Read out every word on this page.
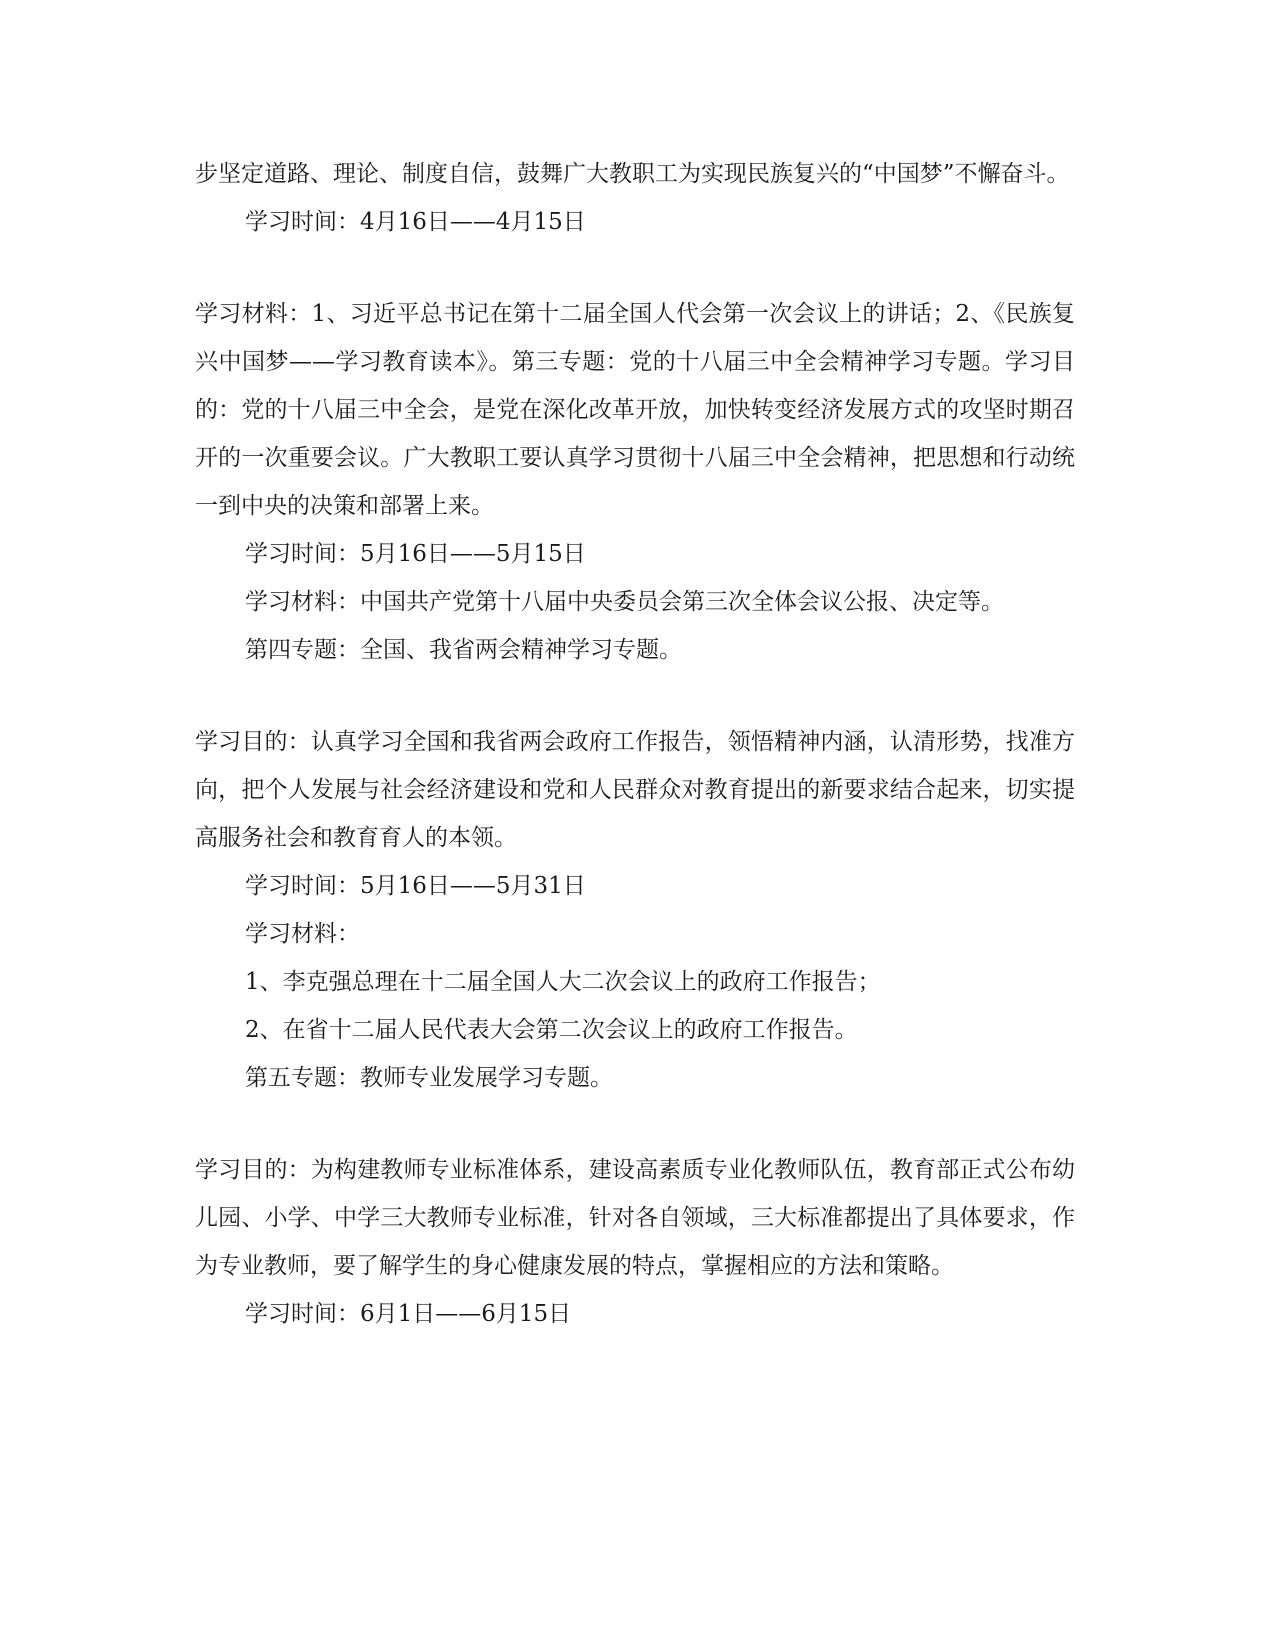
步坚定道路、理论、制度自信，鼓舞广大教职工为实现民族复兴的“中国梦”不懈奋斗。

学习时间：4月16日——4月15日

学习材料：1、习近平总书记在第十二届全国人代会第一次会议上的讲话；2、《民族复兴中国梦——学习教育读本》。第三专题：党的十八届三中全会精神学习专题。学习目的：党的十八届三中全会，是党在深化改革开放，加快转变经济发展方式的攻坚时期召开的一次重要会议。广大教职工要认真学习贯彻十八届三中全会精神，把思想和行动统一到中央的决策和部署上来。

学习时间：5月16日——5月15日

学习材料：中国共产党第十八届中央委员会第三次全体会议公报、决定等。

第四专题：全国、我省两会精神学习专题。

学习目的：认真学习全国和我省两会政府工作报告，领悟精神内涵，认清形势，找准方向，把个人发展与社会经济建设和党和人民群众对教育提出的新要求结合起来，切实提高服务社会和教育育人的本领。

学习时间：5月16日——5月31日

学习材料：

1、李克强总理在十二届全国人大二次会议上的政府工作报告；

2、在省十二届人民代表大会第二次会议上的政府工作报告。

第五专题：教师专业发展学习专题。

学习目的：为构建教师专业标准体系，建设高素质专业化教师队伍，教育部正式公布幼儿园、小学、中学三大教师专业标准，针对各自领域，三大标准都提出了具体要求，作为专业教师，要了解学生的身心健康发展的特点，掌握相应的方法和策略。

学习时间：6月1日——6月15日
